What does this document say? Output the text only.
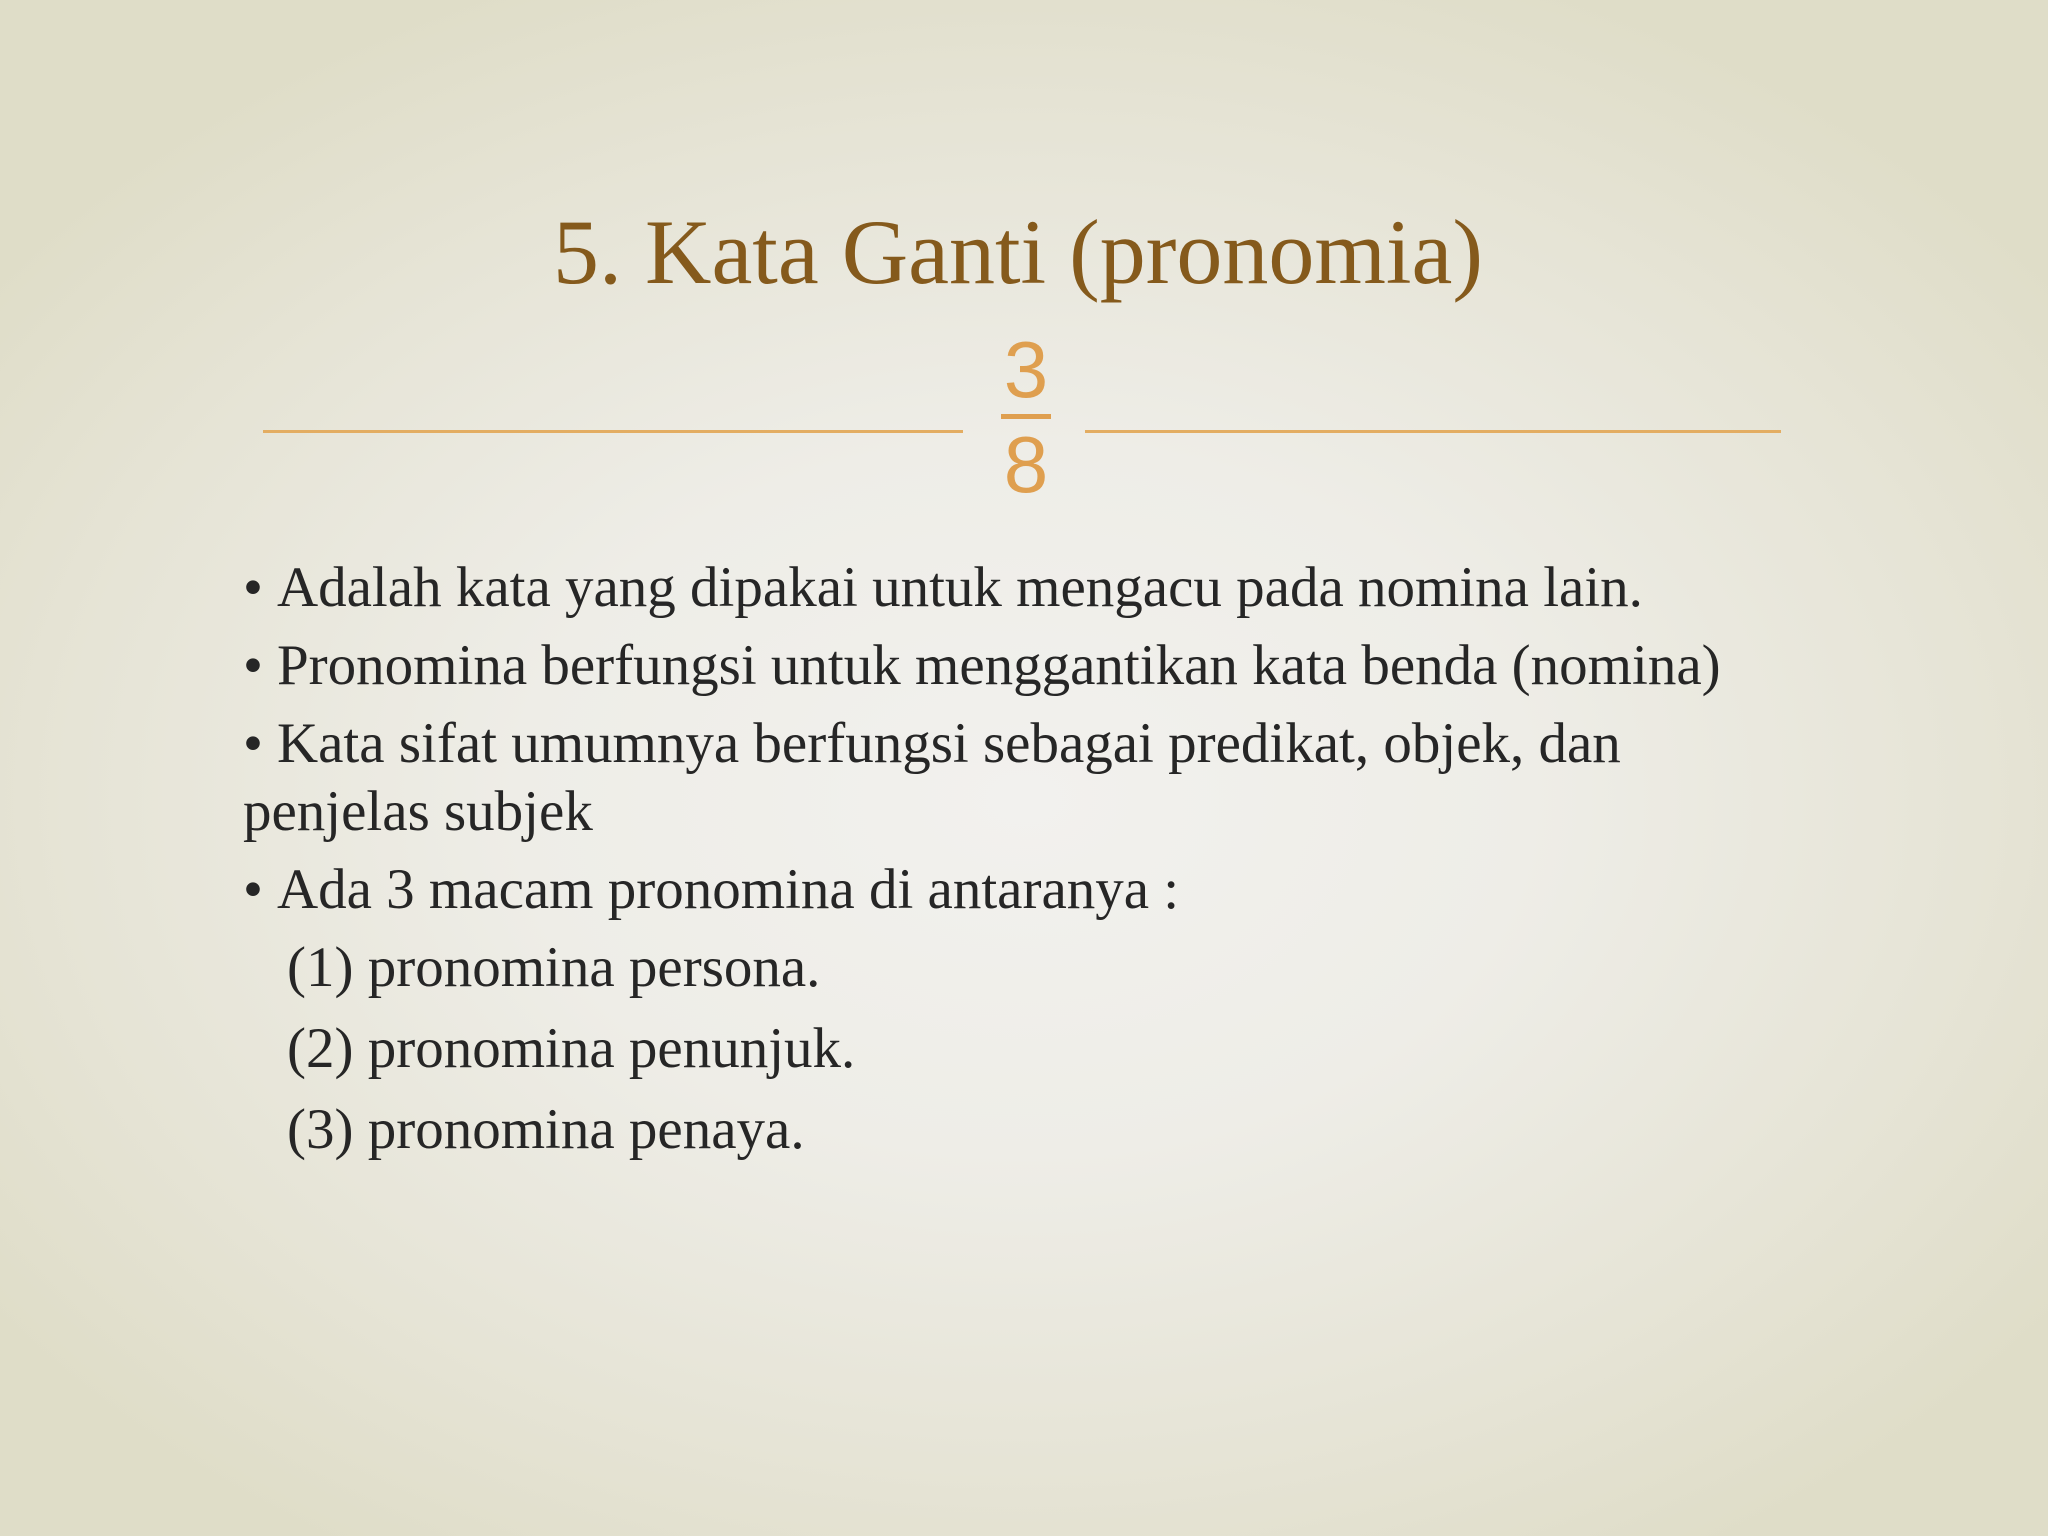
5. Kata Ganti (pronomia)
3
8
• Adalah kata yang dipakai untuk mengacu pada nomina lain.
• Pronomina berfungsi untuk menggantikan kata benda (nomina)
• Kata sifat umumnya berfungsi sebagai predikat, objek, dan penjelas subjek
• Ada 3 macam pronomina di antaranya :
(1) pronomina persona.
(2) pronomina penunjuk.
(3) pronomina penaya.
